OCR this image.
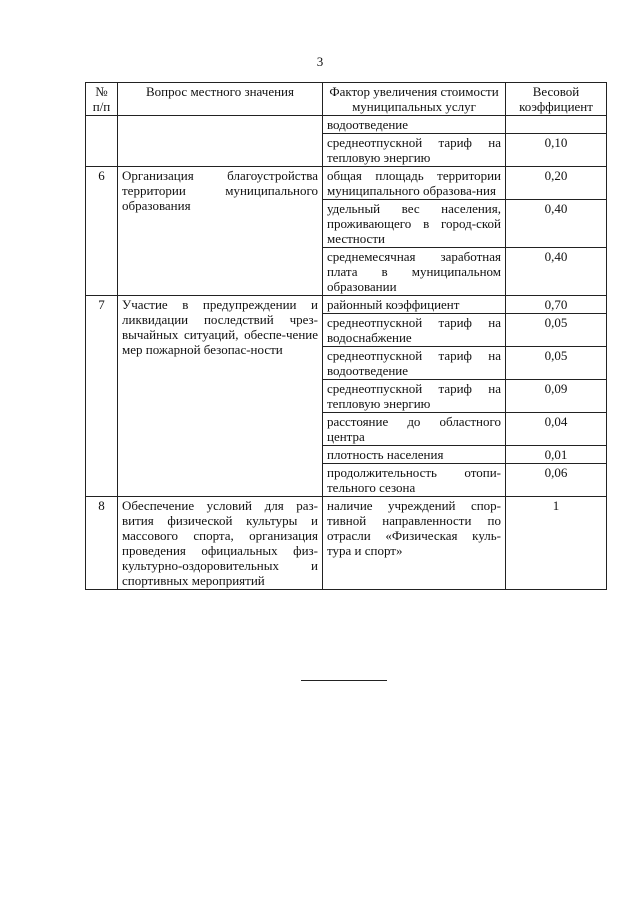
3
№ п/п	Вопрос местного значения	Фактор увеличения стоимости муниципальных услуг	Весовой коэффициент
		водоотведение	
		среднеотпускной тариф на тепловую энергию	0,10
6	Организация благоустройства территории муниципального образования	общая площадь территории муниципального образова-ния	0,20
		удельный вес населения, проживающего в город-ской местности	0,40
		среднемесячная заработная плата в муниципальном образовании	0,40
7	Участие в предупреждении и ликвидации последствий чрез-вычайных ситуаций, обеспе-чение мер пожарной безопас-ности	районный коэффициент	0,70
		среднеотпускной тариф на водоснабжение	0,05
		среднеотпускной тариф на водоотведение	0,05
		среднеотпускной тариф на тепловую энергию	0,09
		расстояние до областного центра	0,04
		плотность населения	0,01
		продолжительность отопи-тельного сезона	0,06
8	Обеспечение условий для раз-вития физической культуры и массового спорта, организация проведения официальных физ-культурно-оздоровительных и спортивных мероприятий	наличие учреждений спор-тивной направленности по отрасли «Физическая куль-тура и спорт»	1
